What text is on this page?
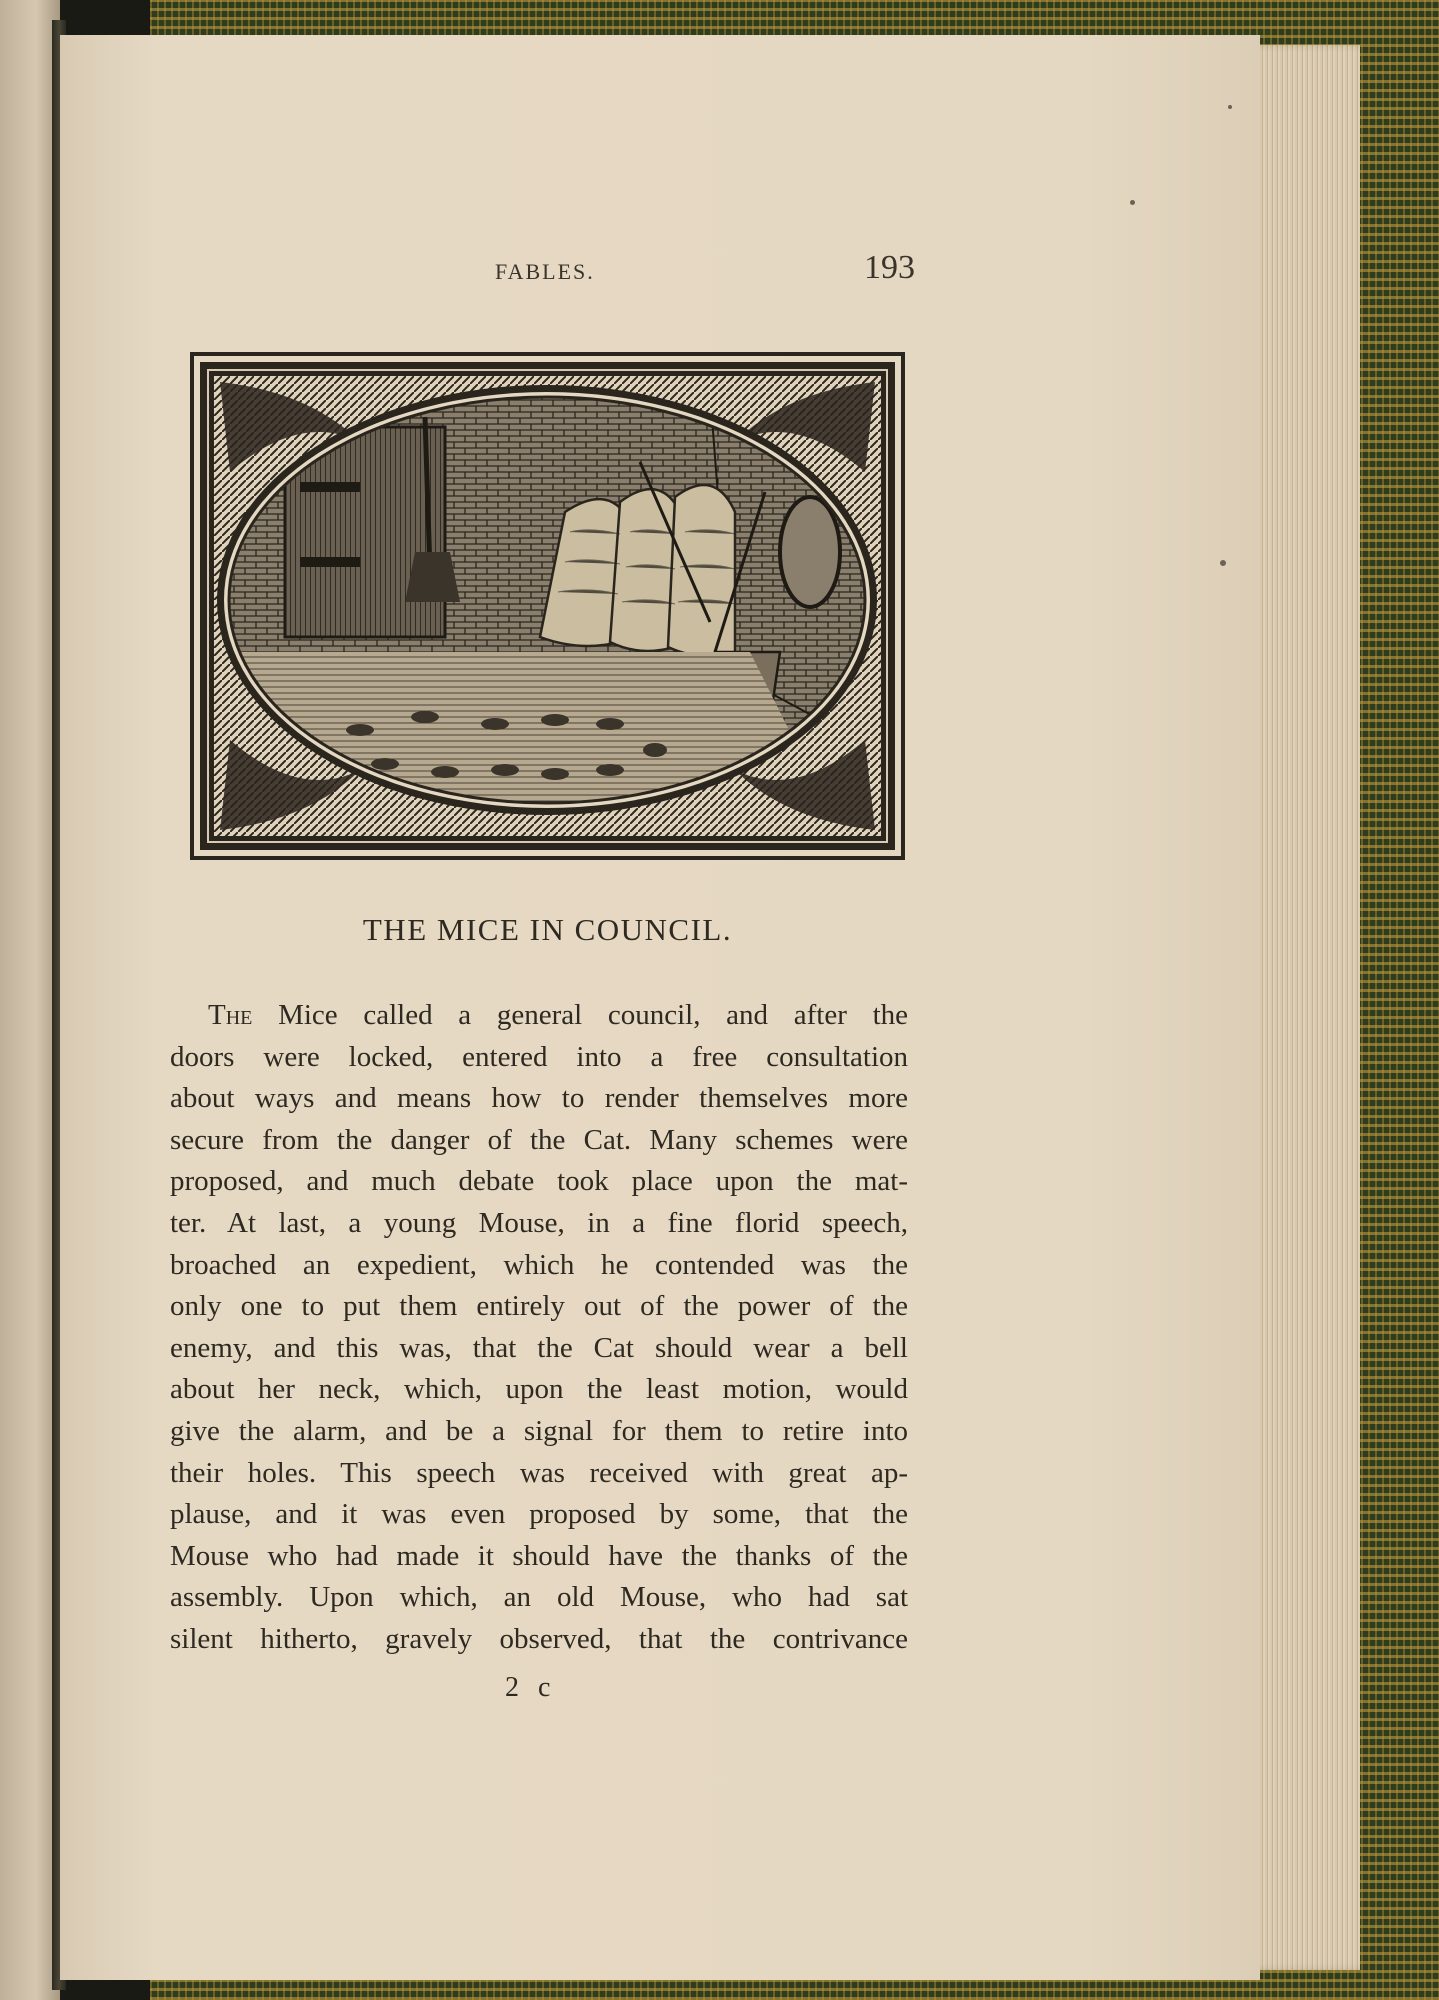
FABLES.	193
THE MICE IN COUNCIL.
The Mice called a general council, and after the
doors were locked, entered into a free consultation
about ways and means how to render themselves more
secure from the danger of the Cat. Many schemes were
proposed, and much debate took place upon the mat-
ter. At last, a young Mouse, in a fine florid speech,
broached an expedient, which he contended was the
only one to put them entirely out of the power of the
enemy, and this was, that the Cat should wear a bell
about her neck, which, upon the least motion, would
give the alarm, and be a signal for them to retire into
their holes. This speech was received with great ap-
plause, and it was even proposed by some, that the
Mouse who had made it should have the thanks of the
assembly. Upon which, an old Mouse, who had sat
silent hitherto, gravely observed, that the contrivance
2 c
